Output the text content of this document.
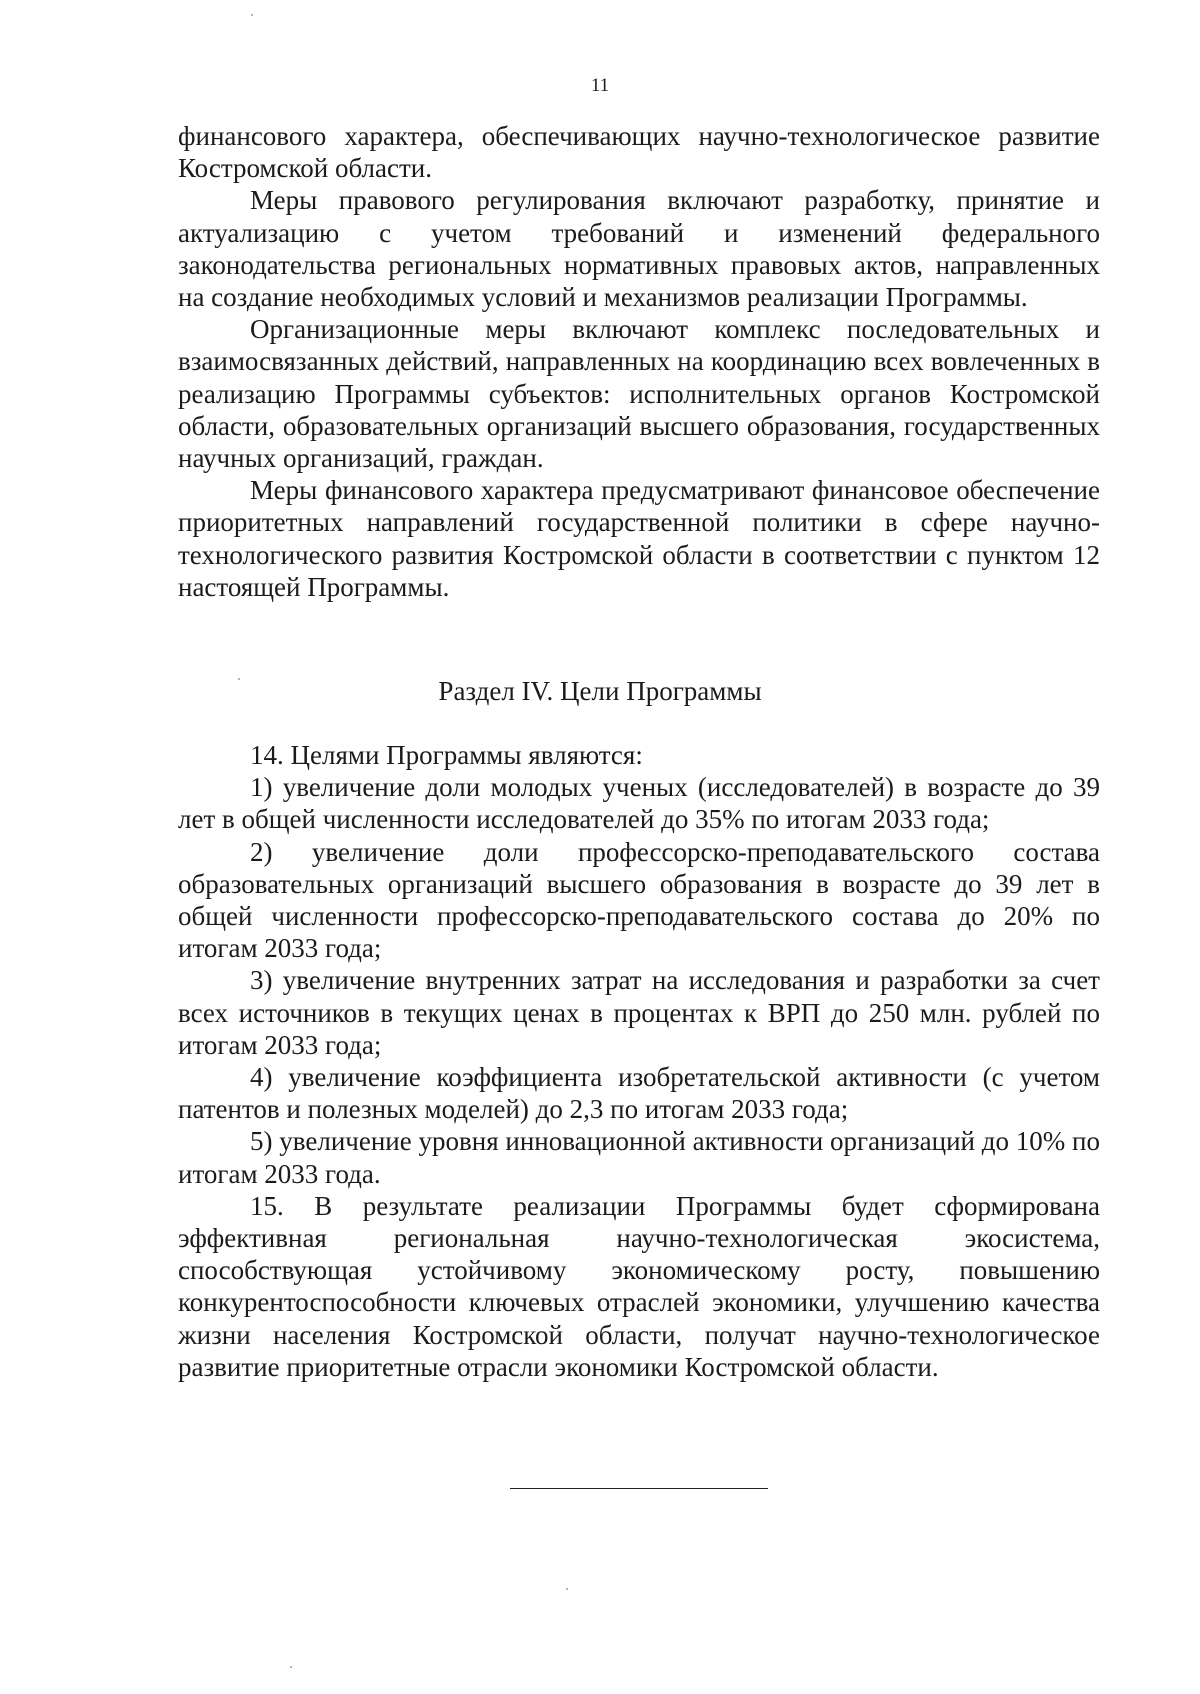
11

финансового характера, обеспечивающих научно-технологическое развитие Костромской области.

Меры правового регулирования включают разработку, принятие и актуализацию с учетом требований и изменений федерального законодательства региональных нормативных правовых актов, направленных на создание необходимых условий и механизмов реализации Программы.

Организационные меры включают комплекс последовательных и взаимосвязанных действий, направленных на координацию всех вовлеченных в реализацию Программы субъектов: исполнительных органов Костромской области, образовательных организаций высшего образования, государственных научных организаций, граждан.

Меры финансового характера предусматривают финансовое обеспечение приоритетных направлений государственной политики в сфере научно-технологического развития Костромской области в соответствии с пунктом 12 настоящей Программы.

Раздел IV. Цели Программы

14. Целями Программы являются:

1) увеличение доли молодых ученых (исследователей) в возрасте до 39 лет в общей численности исследователей до 35% по итогам 2033 года;

2) увеличение доли профессорско-преподавательского состава образовательных организаций высшего образования в возрасте до 39 лет в общей численности профессорско-преподавательского состава до 20% по итогам 2033 года;

3) увеличение внутренних затрат на исследования и разработки за счет всех источников в текущих ценах в процентах к ВРП до 250 млн. рублей по итогам 2033 года;

4) увеличение коэффициента изобретательской активности (с учетом патентов и полезных моделей) до 2,3 по итогам 2033 года;

5) увеличение уровня инновационной активности организаций до 10% по итогам 2033 года.

15. В результате реализации Программы будет сформирована эффективная региональная научно-технологическая экосистема, способствующая устойчивому экономическому росту, повышению конкурентоспособности ключевых отраслей экономики, улучшению качества жизни населения Костромской области, получат научно-технологическое развитие приоритетные отрасли экономики Костромской области.
